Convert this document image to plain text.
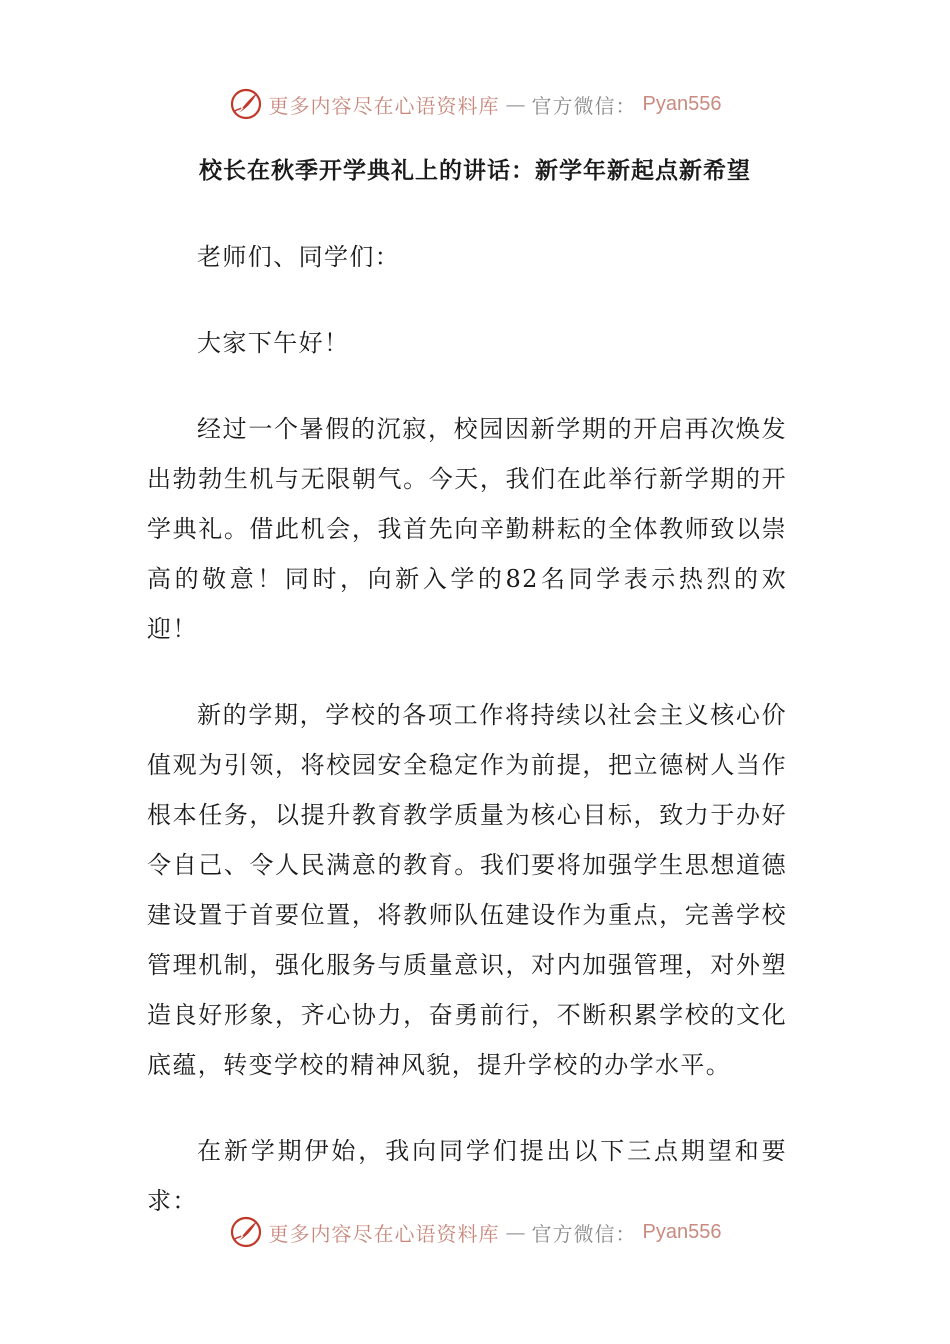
更多内容尽在心语资料库 — 官方微信： Pyan556
校长在秋季开学典礼上的讲话：新学年新起点新希望

老师们、同学们：

大家下午好！

经过一个暑假的沉寂，校园因新学期的开启再次焕发出勃勃生机与无限朝气。今天，我们在此举行新学期的开学典礼。借此机会，我首先向辛勤耕耘的全体教师致以崇高的敬意！同时，向新入学的82名同学表示热烈的欢迎！

新的学期，学校的各项工作将持续以社会主义核心价值观为引领，将校园安全稳定作为前提，把立德树人当作根本任务，以提升教育教学质量为核心目标，致力于办好令自己、令人民满意的教育。我们要将加强学生思想道德建设置于首要位置，将教师队伍建设作为重点，完善学校管理机制，强化服务与质量意识，对内加强管理，对外塑造良好形象，齐心协力，奋勇前行，不断积累学校的文化底蕴，转变学校的精神风貌，提升学校的办学水平。

在新学期伊始，我向同学们提出以下三点期望和要求：

更多内容尽在心语资料库 — 官方微信： Pyan556
